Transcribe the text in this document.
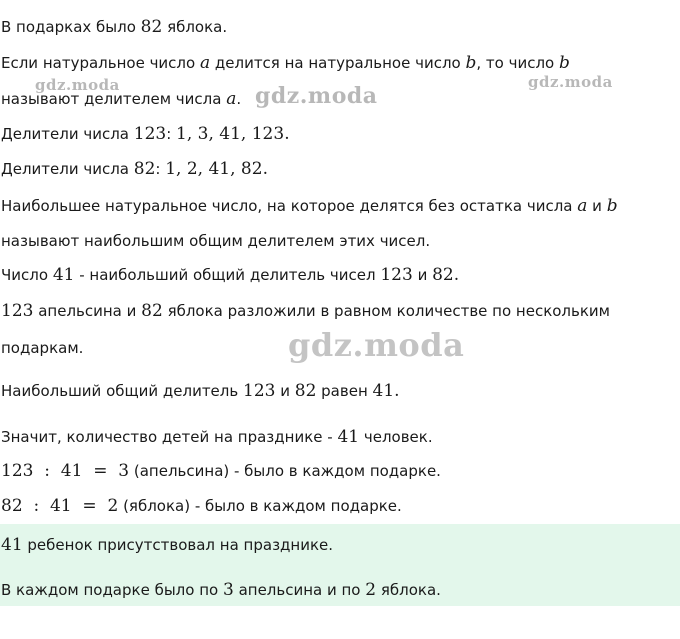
В подарках было 82 яблока.
Если натуральное число a делится на натуральное число b, то число b
называют делителем числа a.
Делители числа 123: 1, 3, 41, 123.
Делители числа 82: 1, 2, 41, 82.
Наибольшее натуральное число, на которое делятся без остатка числа a и b
называют наибольшим общим делителем этих чисел.
Число 41 - наибольший общий делитель чисел 123 и 82.
123 апельсина и 82 яблока разложили в равном количестве по нескольким
подаркам.
Наибольший общий делитель 123 и 82 равен 41.
Значит, количество детей на празднике - 41 человек.
123  :  41  =  3 (апельсина) - было в каждом подарке.
82  :  41  =  2 (яблока) - было в каждом подарке.
41 ребенок присутствовал на празднике.
В каждом подарке было по 3 апельсина и по 2 яблока.
gdz.moda	gdz.moda
gdz.moda
gdz.moda
